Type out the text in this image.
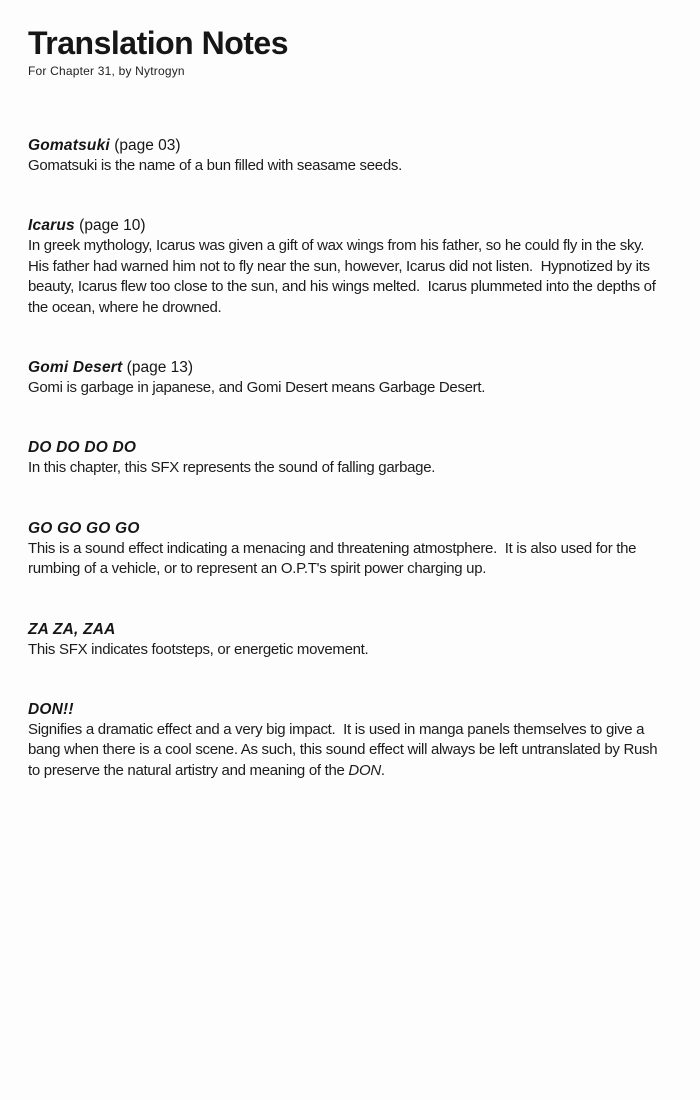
Translation Notes
For Chapter 31, by Nytrogyn
Gomatsuki (page 03)

Gomatsuki is the name of a bun filled with seasame seeds.

Icarus (page 10)

In greek mythology, Icarus was given a gift of wax wings from his father, so he could fly in the sky.  His father had warned him not to fly near the sun, however, Icarus did not listen.  Hypnotized by its beauty, Icarus flew too close to the sun, and his wings melted.  Icarus plummeted into the depths of the ocean, where he drowned.

Gomi Desert (page 13)

Gomi is garbage in japanese, and Gomi Desert means Garbage Desert.

DO DO DO DO

In this chapter, this SFX represents the sound of falling garbage.

GO GO GO GO

This is a sound effect indicating a menacing and threatening atmostphere.  It is also used for the rumbing of a vehicle, or to represent an O.P.T's spirit power charging up.

ZA ZA, ZAA

This SFX indicates footsteps, or energetic movement.

DON!!

Signifies a dramatic effect and a very big impact.  It is used in manga panels themselves to give a bang when there is a cool scene. As such, this sound effect will always be left untranslated by Rush to preserve the natural artistry and meaning of the DON.
